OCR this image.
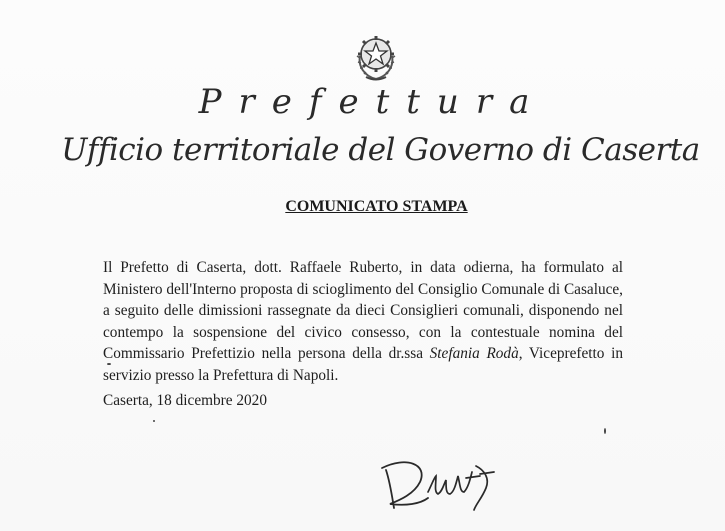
Prefettura
Ufficio territoriale del Governo di Caserta
COMUNICATO STAMPA
Il Prefetto di Caserta, dott. Raffaele Ruberto, in data odierna, ha formulato al Ministero dell'Interno proposta di scioglimento del Consiglio Comunale di Casaluce, a seguito delle dimissioni rassegnate da dieci Consiglieri comunali, disponendo nel contempo la sospensione del civico consesso, con la contestuale nomina del Commissario Prefettizio nella persona della dr.ssa Stefania Rodà, Viceprefetto in servizio presso la Prefettura di Napoli.
Caserta, 18 dicembre 2020
